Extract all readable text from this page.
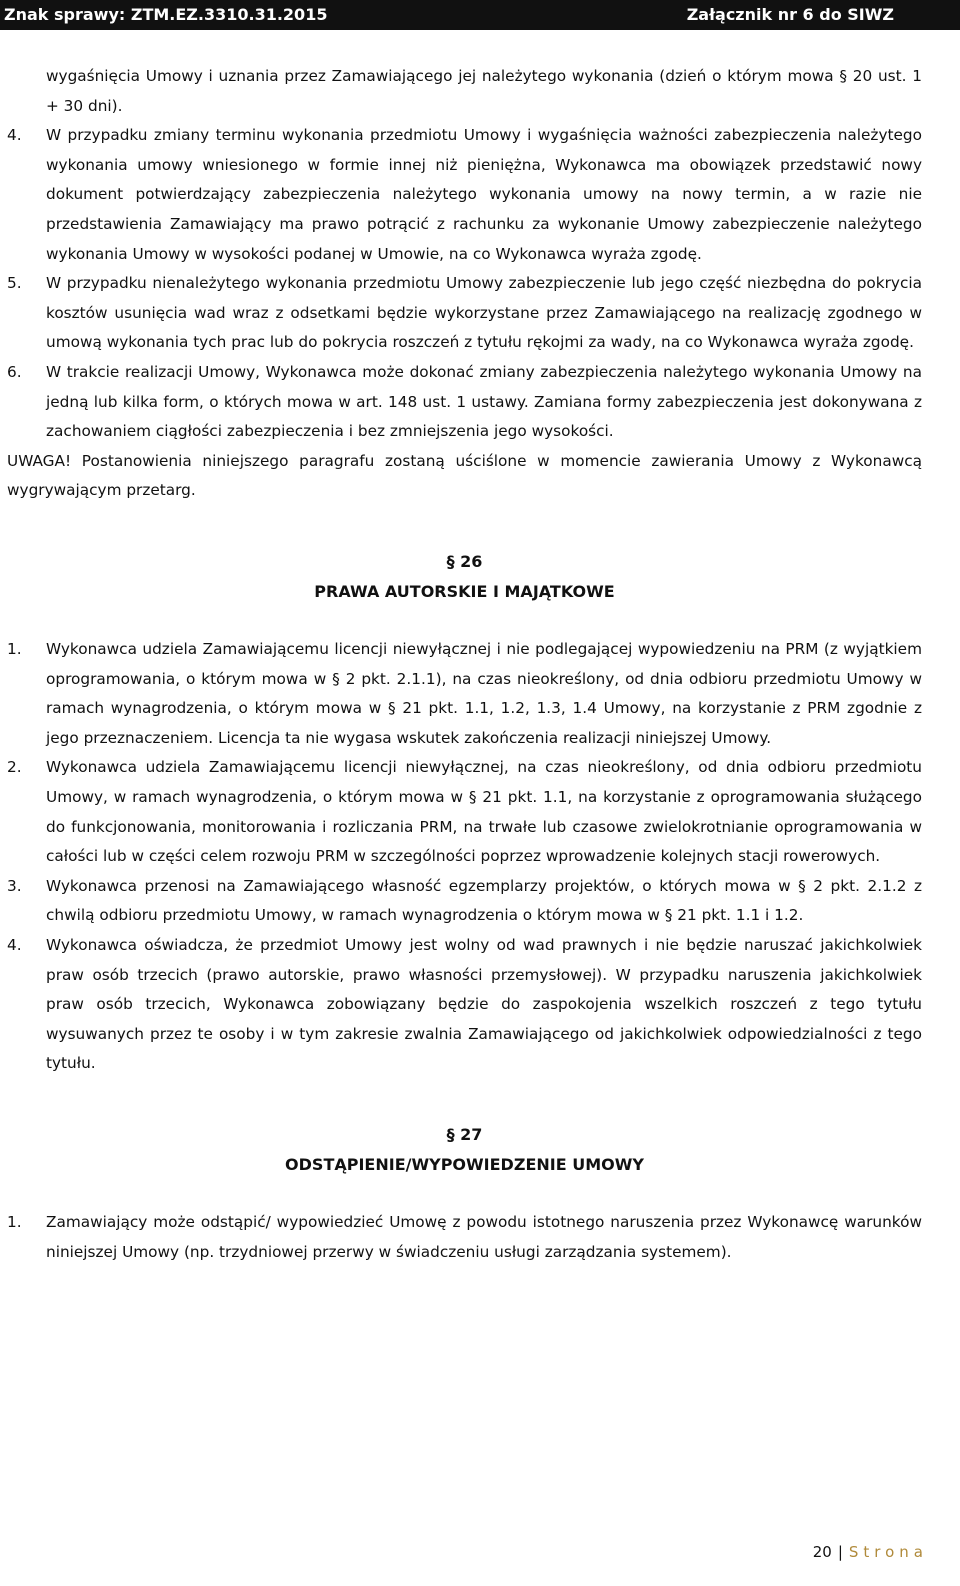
Znak sprawy: ZTM.EZ.3310.31.2015	Załącznik nr 6 do SIWZ

wygaśnięcia Umowy i uznania przez Zamawiającego jej należytego wykonania (dzień o którym mowa § 20 ust. 1 + 30 dni).

4. W przypadku zmiany terminu wykonania przedmiotu Umowy i wygaśnięcia ważności zabezpieczenia należytego wykonania umowy wniesionego w formie innej niż pieniężna, Wykonawca ma obowiązek przedstawić nowy dokument potwierdzający zabezpieczenia należytego wykonania umowy na nowy termin, a w razie nie przedstawienia Zamawiający ma prawo potrącić z rachunku za wykonanie Umowy zabezpieczenie należytego wykonania Umowy w wysokości podanej w Umowie, na co Wykonawca wyraża zgodę.
5. W przypadku nienależytego wykonania przedmiotu Umowy zabezpieczenie lub jego część niezbędna do pokrycia kosztów usunięcia wad wraz z odsetkami będzie wykorzystane przez Zamawiającego na realizację zgodnego w umową wykonania tych prac lub do pokrycia roszczeń z tytułu rękojmi za wady, na co Wykonawca wyraża zgodę.
6. W trakcie realizacji Umowy, Wykonawca może dokonać zmiany zabezpieczenia należytego wykonania Umowy na jedną lub kilka form, o których mowa w art. 148 ust. 1 ustawy. Zamiana formy zabezpieczenia jest dokonywana z zachowaniem ciągłości zabezpieczenia i bez zmniejszenia jego wysokości.

UWAGA! Postanowienia niniejszego paragrafu zostaną uściślone w momencie zawierania Umowy z Wykonawcą wygrywającym przetarg.

§ 26

PRAWA AUTORSKIE I MAJĄTKOWE

1. Wykonawca udziela Zamawiającemu licencji niewyłącznej i nie podlegającej wypowiedzeniu na PRM (z wyjątkiem oprogramowania, o którym mowa w § 2 pkt. 2.1.1), na czas nieokreślony, od dnia odbioru przedmiotu Umowy w ramach wynagrodzenia, o którym mowa w § 21 pkt. 1.1, 1.2, 1.3, 1.4 Umowy, na korzystanie z PRM zgodnie z jego przeznaczeniem. Licencja ta nie wygasa wskutek zakończenia realizacji niniejszej Umowy.
2. Wykonawca udziela Zamawiającemu licencji niewyłącznej, na czas nieokreślony, od dnia odbioru przedmiotu Umowy, w ramach wynagrodzenia, o którym mowa w § 21 pkt. 1.1, na korzystanie z oprogramowania służącego do funkcjonowania, monitorowania i rozliczania PRM, na trwałe lub czasowe zwielokrotnianie oprogramowania w całości lub w części celem rozwoju PRM w szczególności poprzez wprowadzenie kolejnych stacji rowerowych.
3. Wykonawca przenosi na Zamawiającego własność egzemplarzy projektów, o których mowa w § 2 pkt. 2.1.2 z chwilą odbioru przedmiotu Umowy, w ramach wynagrodzenia o którym mowa w § 21 pkt. 1.1 i 1.2.
4. Wykonawca oświadcza, że przedmiot Umowy jest wolny od wad prawnych i nie będzie naruszać jakichkolwiek praw osób trzecich (prawo autorskie, prawo własności przemysłowej). W przypadku naruszenia jakichkolwiek praw osób trzecich, Wykonawca zobowiązany będzie do zaspokojenia wszelkich roszczeń z tego tytułu wysuwanych przez te osoby i w tym zakresie zwalnia Zamawiającego od jakichkolwiek odpowiedzialności z tego tytułu.

§ 27

ODSTĄPIENIE/WYPOWIEDZENIE UMOWY

1. Zamawiający może odstąpić/ wypowiedzieć Umowę z powodu istotnego naruszenia przez Wykonawcę warunków niniejszej Umowy (np. trzydniowej przerwy w świadczeniu usługi zarządzania systemem).
20 | Strona
